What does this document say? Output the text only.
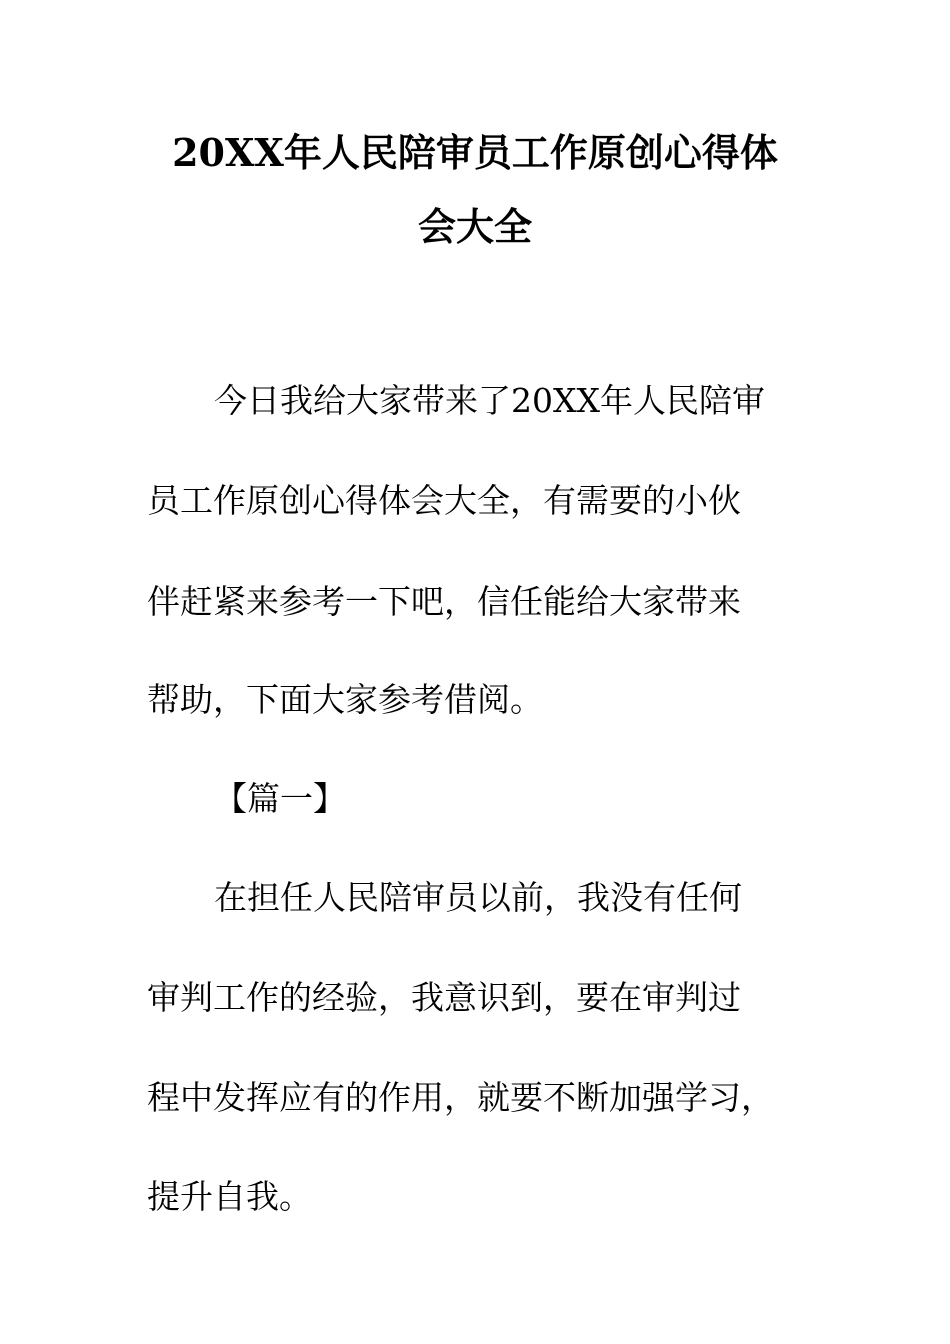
20XX年人民陪审员工作原创心得体
会大全

今日我给大家带来了20XX年人民陪审

员工作原创心得体会大全，有需要的小伙

伴赶紧来参考一下吧，信任能给大家带来

帮助，下面大家参考借阅。

【篇一】

在担任人民陪审员以前，我没有任何

审判工作的经验，我意识到，要在审判过

程中发挥应有的作用，就要不断加强学习，

提升自我。
